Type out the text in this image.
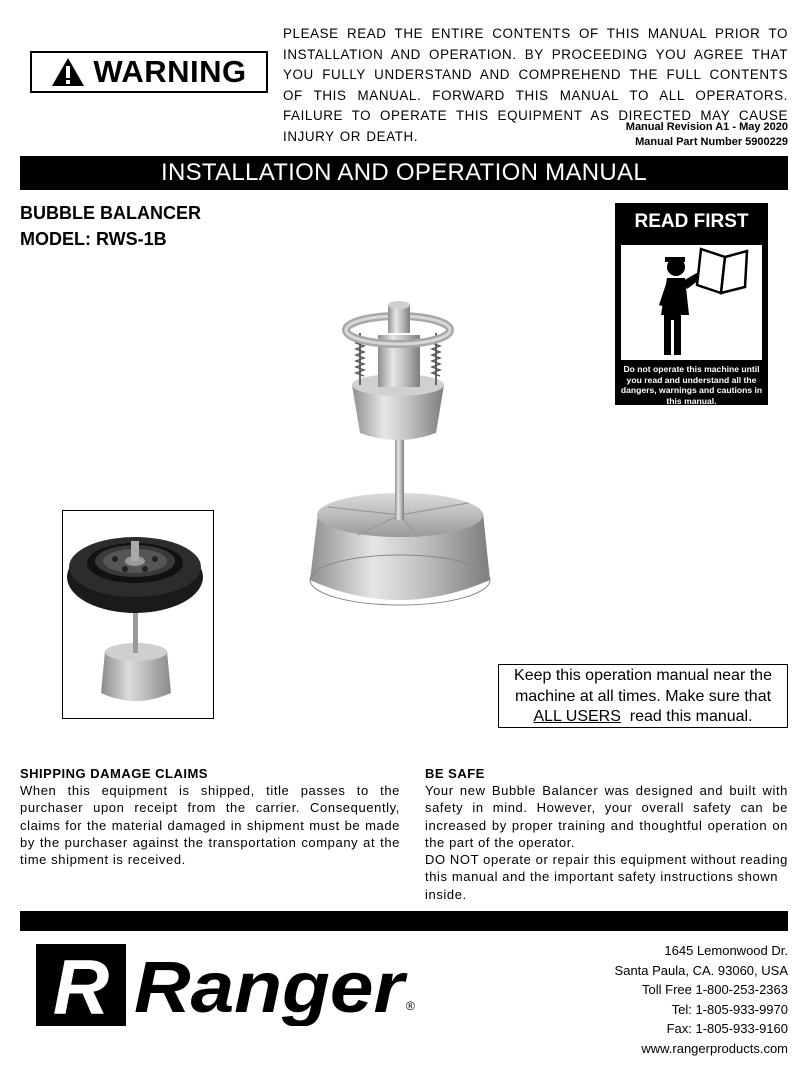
WARNING
PLEASE READ THE ENTIRE CONTENTS OF THIS MANUAL PRIOR TO INSTALLATION AND OPERATION. BY PROCEEDING YOU AGREE THAT YOU FULLY UNDERSTAND AND COMPREHEND THE FULL CONTENTS OF THIS MANUAL. FORWARD THIS MANUAL TO ALL OPERATORS. FAILURE TO OPERATE THIS EQUIPMENT AS DIRECTED MAY CAUSE INJURY OR DEATH.
Manual Revision A1 - May 2020
Manual Part Number 5900229
INSTALLATION AND OPERATION MANUAL
BUBBLE BALANCER
MODEL: RWS-1B
READ FIRST
Do not operate this machine until you read and understand all the dangers, warnings and cautions in this manual.
Keep this operation manual near the machine at all times. Make sure that
ALL USERS read this manual.
SHIPPING DAMAGE CLAIMS
When this equipment is shipped, title passes to the purchaser upon receipt from the carrier. Consequently, claims for the material damaged in shipment must be made by the purchaser against the transportation company at the time shipment is received.
BE SAFE
Your new Bubble Balancer was designed and built with safety in mind. However, your overall safety can be increased by proper training and thoughtful operation on the part of the operator.
DO NOT operate or repair this equipment without reading this manual and the important safety instructions shown inside.
R Ranger
®
1645 Lemonwood Dr.
Santa Paula, CA. 93060, USA
Toll Free 1-800-253-2363
Tel: 1-805-933-9970
Fax: 1-805-933-9160
www.rangerproducts.com
